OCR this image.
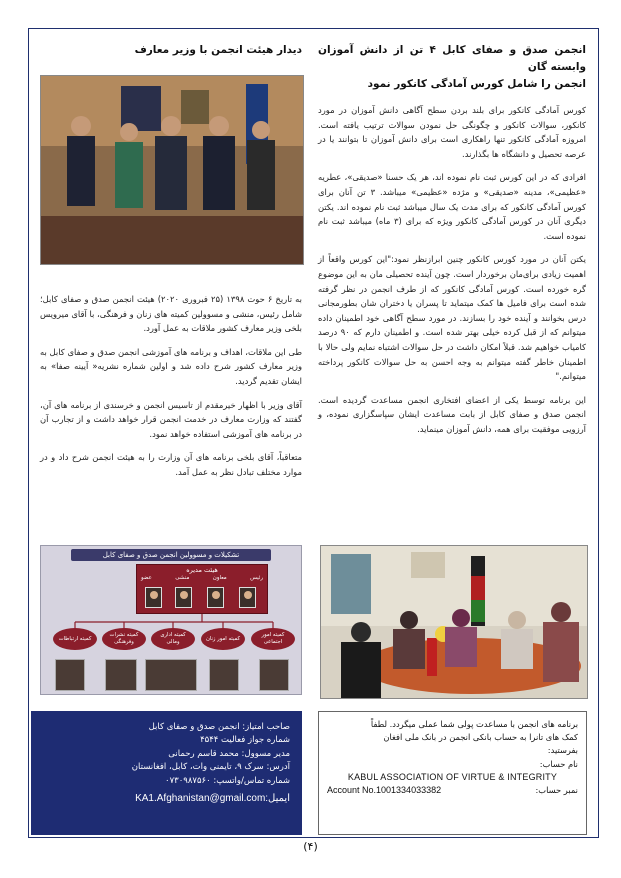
انجمن صدق و صفای کابل ۴ تن از دانش آموزان وابسته گان

انجمن را شامل کورس آمادگی کانکور نمود

کورس آمادگی کانکور برای بلند بردن سطح آگاهی دانش آموزان در مورد کانکور، سوالات کانکور و چگونگی حل نمودن سوالات ترتیب یافته است. امروزه آمادگی کانکور تنها راهکاری است برای دانش آموزان تا بتوانند یا در عرصه تحصیل و دانشگاه ها بگذارند.

افرادی که در این کورس ثبت نام نموده اند، هر یک حسنا «صدیقی»، عطریه «عظیمی»، مدینه «صدیقی» و مژده «عظیمی» میباشد. ۳ تن آنان برای کورس آمادگی کانکور که برای مدت یک سال میباشد ثبت نام نموده اند. یکتن دیگری آنان در کورس آمادگی کانکور ویژه که برای (۳ ماه) میباشد ثبت نام نموده است.

یکتن آنان در مورد کورس کانکور چنین ابرازنظر نمود:"این کورس واقعاً از اهمیت زیادی برای‌مان برخوردار است. چون آینده تحصیلی مان به این موضوع گره خورده است. کورس آمادگی کانکور که از طرف انجمن در نظر گرفته شده است برای فامیل ها کمک میتماید تا پسران یا دختران شان بطورمجانی درس بخوانند و آینده خود را بسازند. در مورد سطح آگاهی خود اطمینان داده میتوانم که از قبل کرده خیلی بهتر شده است. و اطمینان دارم که ۹۰ درصد کامیاب خواهیم شد. قبلاً امکان داشت در حل سوالات اشتباه نمایم ولی حالا با اطمینان خاطر گفته میتوانم به وجه احسن به حل سوالات کانکور پرداخته میتوانم."

این برنامه توسط یکی از اعضای افتخاری انجمن مساعدت گردیده است. انجمن صدق و صفای کابل از بابت مساعدت ایشان سپاسگزاری نموده، و آرزویی موفقیت برای همه، دانش آموزان مینماید.

دیدار هیئت انجمن با وزیر معارف

به تاریخ ۶ حوت ۱۳۹۸ (۲۵ فبروری ۲۰۲۰) هیئت انجمن صدق و صفای کابل؛ شامل رئیس، منشی و مسوولین کمیته های زنان و فرهنگی، با آقای میرویس بلخی وزیر معارف کشور ملاقات به عمل آورد.

طی این ملاقات، اهداف و برنامه های آموزشی انجمن صدق و صفای کابل به وزیر معارف کشور شرح داده شد و اولین شماره نشریه« آیینه صفا» به ایشان تقدیم گردید.

آقای وزیر با اظهار خیرمقدم از تاسیس انجمن و خرسندی از برنامه های آن، گفتند که وزارت معارف در خدمت انجمن قرار خواهد داشت و از تجارب آن در برنامه های آموزشی استفاده خواهد نمود.

متعاقباً، آقای بلخی برنامه های آن وزارت را به هیئت انجمن شرح داد و در موارد مختلف تبادل نظر به عمل آمد.

تشکیلات و مسوولین انجمن صدق و صفای کابل
هیئت مدیره
رئیس
معاون
منشی
عضو
کمیته امور اجتماعی
کمیته امور زنان
کمیته اداری ومالی
کمیته نشرات وفرهنگی
کمیته ارتباطات

صاحب امتیاز: انجمن صدق و صفای کابل

شماره جواز فعالیت ۴۵۴۴

مدیر مسوول: محمد قاسم رحمانی

آدرس: سرک ۹، تایمنی وات، کابل، افغانستان

شماره تماس/واتسپ: ۰۷۳۰۹۸۷۵۶۰

ایمیل:KA1.Afghanistan@gmail.com

برنامه های انجمن با مساعدت پولی شما عملی میگردد. لطفاً

کمک های تانرا به حساب بانکی انجمن در بانک ملی افغان

بفرستید:

نام حساب:

KABUL ASSOCIATION OF VIRTUE & INTEGRITY

نمبر حساب:
Account No.1001334033382

(۴)
